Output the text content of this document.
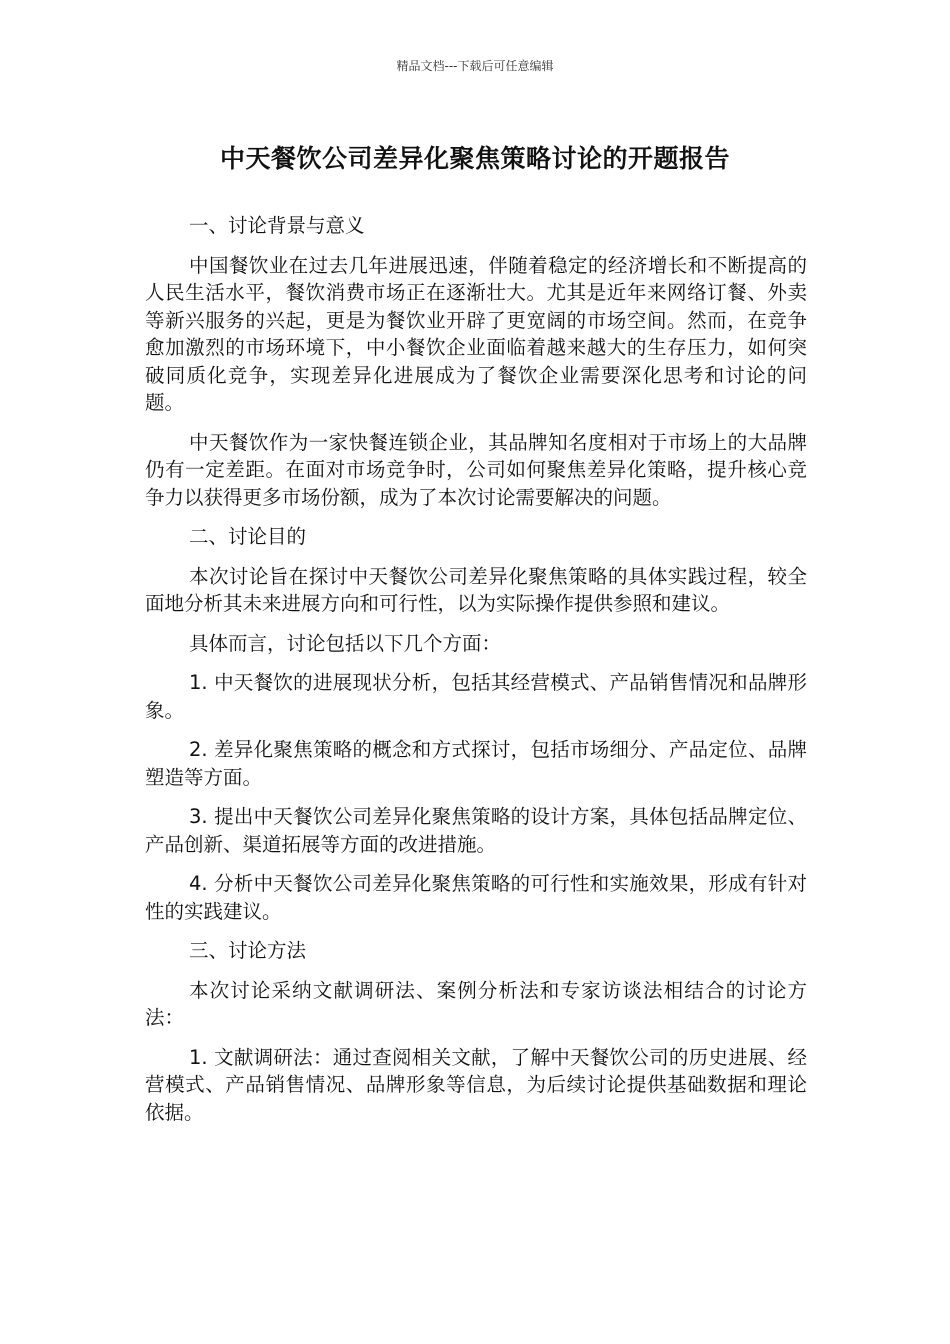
精品文档---下载后可任意编辑
中天餐饮公司差异化聚焦策略讨论的开题报告

一、讨论背景与意义

中国餐饮业在过去几年进展迅速，伴随着稳定的经济增长和不断提高的人民生活水平，餐饮消费市场正在逐渐壮大。尤其是近年来网络订餐、外卖等新兴服务的兴起，更是为餐饮业开辟了更宽阔的市场空间。然而，在竞争愈加激烈的市场环境下，中小餐饮企业面临着越来越大的生存压力，如何突破同质化竞争，实现差异化进展成为了餐饮企业需要深化思考和讨论的问题。

中天餐饮作为一家快餐连锁企业，其品牌知名度相对于市场上的大品牌仍有一定差距。在面对市场竞争时，公司如何聚焦差异化策略，提升核心竞争力以获得更多市场份额，成为了本次讨论需要解决的问题。

二、讨论目的

本次讨论旨在探讨中天餐饮公司差异化聚焦策略的具体实践过程，较全面地分析其未来进展方向和可行性，以为实际操作提供参照和建议。

具体而言，讨论包括以下几个方面：

1. 中天餐饮的进展现状分析，包括其经营模式、产品销售情况和品牌形象。

2. 差异化聚焦策略的概念和方式探讨，包括市场细分、产品定位、品牌塑造等方面。

3. 提出中天餐饮公司差异化聚焦策略的设计方案，具体包括品牌定位、产品创新、渠道拓展等方面的改进措施。

4. 分析中天餐饮公司差异化聚焦策略的可行性和实施效果，形成有针对性的实践建议。

三、讨论方法

本次讨论采纳文献调研法、案例分析法和专家访谈法相结合的讨论方法：

1. 文献调研法：通过查阅相关文献，了解中天餐饮公司的历史进展、经营模式、产品销售情况、品牌形象等信息，为后续讨论提供基础数据和理论依据。
